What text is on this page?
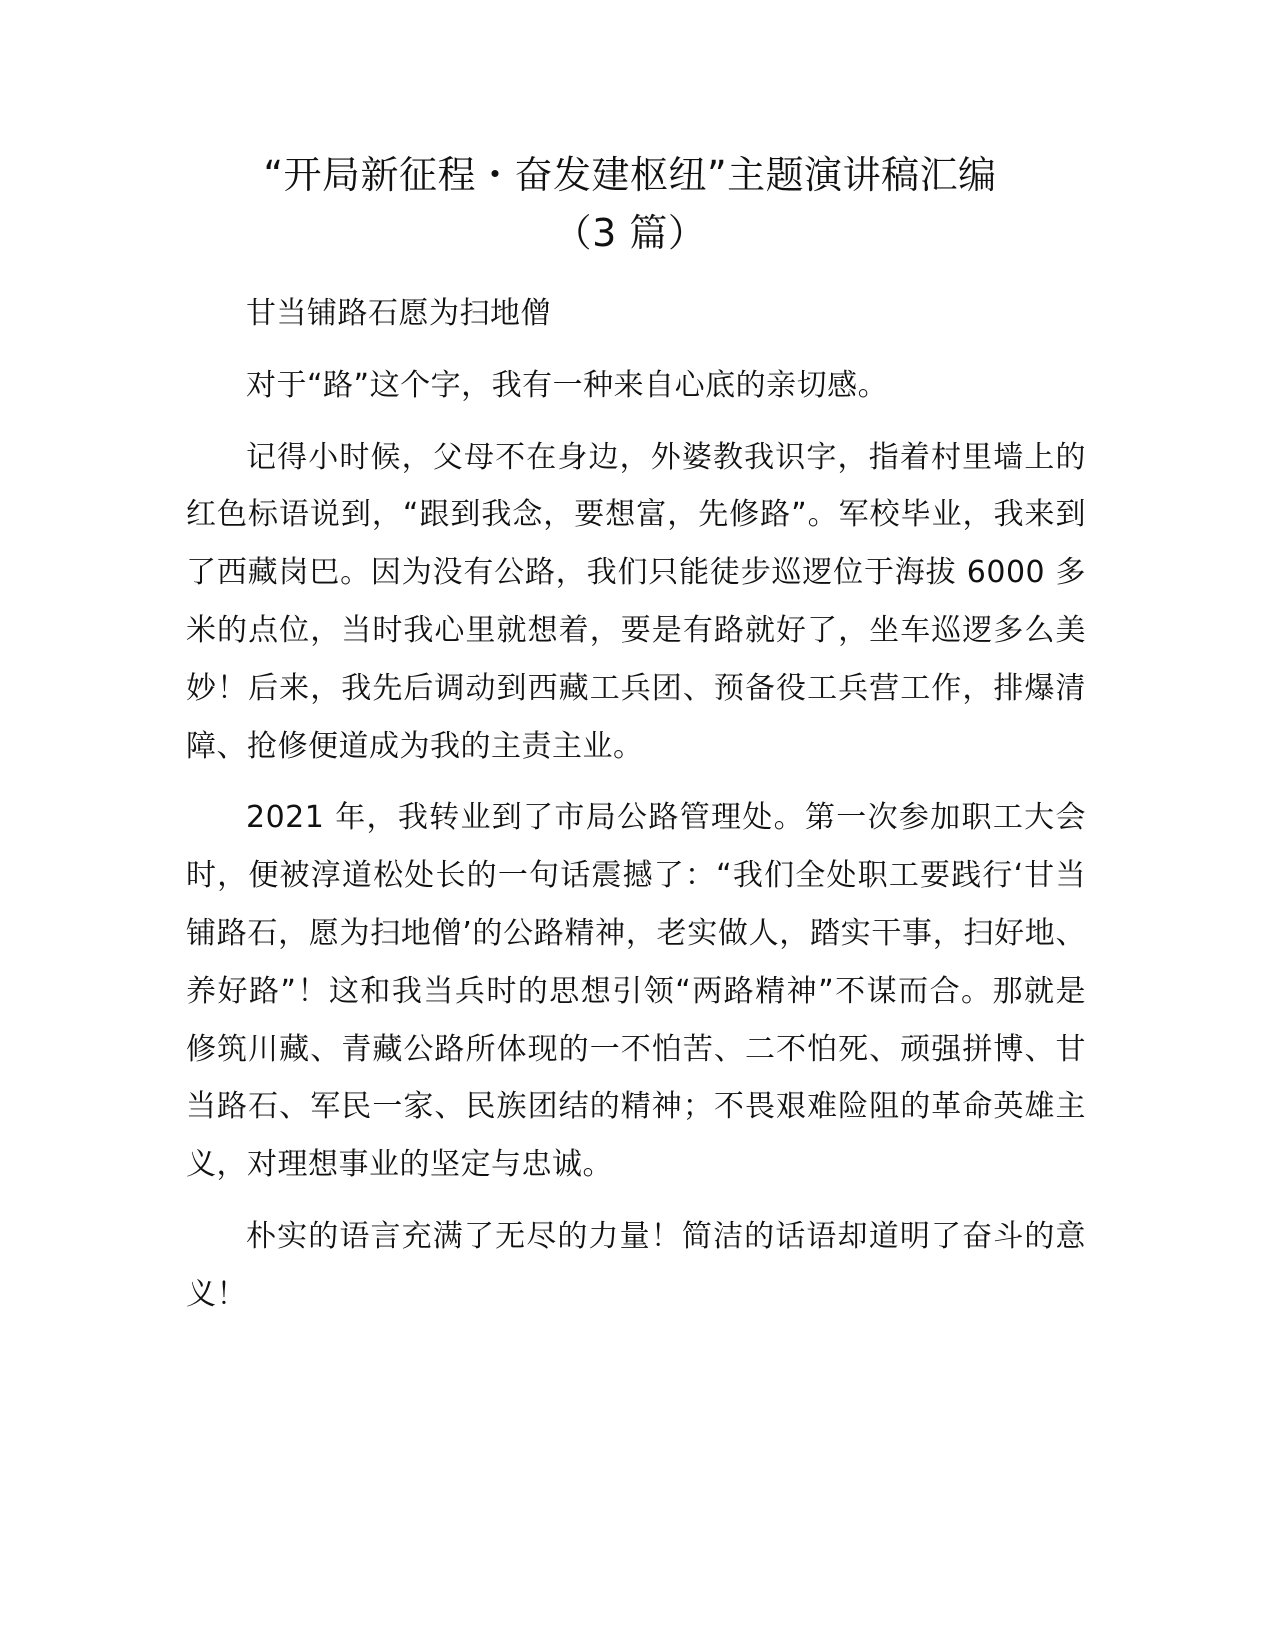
“开局新征程・奋发建枢纽”主题演讲稿汇编
（3 篇）

甘当铺路石愿为扫地僧

对于“路”这个字，我有一种来自心底的亲切感。

记得小时候，父母不在身边，外婆教我识字，指着村里墙上的红色标语说到，“跟到我念，要想富，先修路”。军校毕业，我来到了西藏岗巴。因为没有公路，我们只能徒步巡逻位于海拔 6000 多米的点位，当时我心里就想着，要是有路就好了，坐车巡逻多么美妙！后来，我先后调动到西藏工兵团、预备役工兵营工作，排爆清障、抢修便道成为我的主责主业。

2021 年，我转业到了市局公路管理处。第一次参加职工大会时，便被淳道松处长的一句话震撼了：“我们全处职工要践行‘甘当铺路石，愿为扫地僧’的公路精神，老实做人，踏实干事，扫好地、养好路”！这和我当兵时的思想引领“两路精神”不谋而合。那就是修筑川藏、青藏公路所体现的一不怕苦、二不怕死、顽强拼博、甘当路石、军民一家、民族团结的精神；不畏艰难险阻的革命英雄主义，对理想事业的坚定与忠诚。

朴实的语言充满了无尽的力量！简洁的话语却道明了奋斗的意义！
